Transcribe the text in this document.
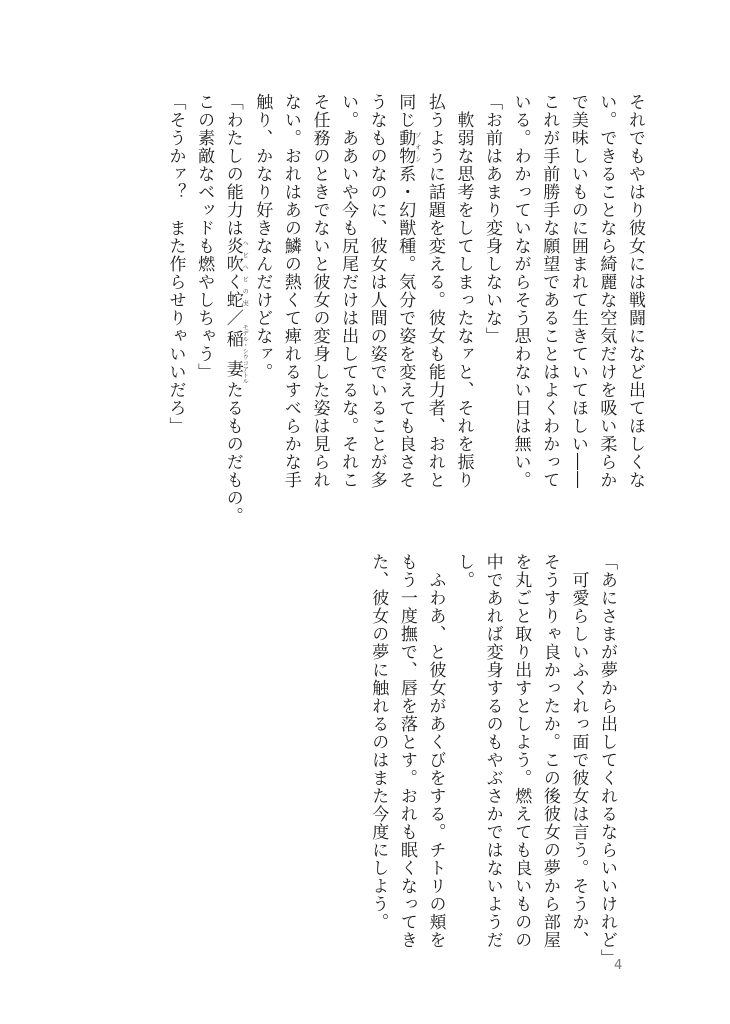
それでもやはり彼女には戦闘になど出てほしくな
い。できることなら綺麗な空気だけを吸い柔らか
で美味しいものに囲まれて生きていてほしい――
これが手前勝手な願望であることはよくわかって
いる。わかっていながらそう思わない日は無い。
「お前はあまり変身しないな」
　軟弱な思考をしてしまったなァと、それを振り
払うように話題を変える。彼女も能力者、おれと
同じ動物ゾオン系・幻獣種。気分で姿を変えても良さそ
うなものなのに、彼女は人間の姿でいることが多
い。ああいや今も尻尾だけは出してるな。それこ
そ任務のときでないと彼女の変身した姿は見られ
ない。おれはあの鱗の熱くて痺れるすべらかな手
触り、かなり好きなんだけどなァ。
「わたしの能力は炎吹く蛇ヘビヘビの実／稲妻モデル・シウコアトルたるものだもの。
この素敵なベッドも燃やしちゃう」
「そうかァ？　また作らせりゃいいだろ」
「あにさまが夢から出してくれるならいいけれど」
　可愛らしいふくれっ面で彼女は言う。そうか、
そうすりゃ良かったか。この後彼女の夢から部屋
を丸ごと取り出すとしよう。燃えても良いものの
中であれば変身するのもやぶさかではないようだ
し。
　ふわあ、と彼女があくびをする。チトリの頬を
もう一度撫で、唇を落とす。おれも眠くなってき
た、彼女の夢に触れるのはまた今度にしよう。
4
